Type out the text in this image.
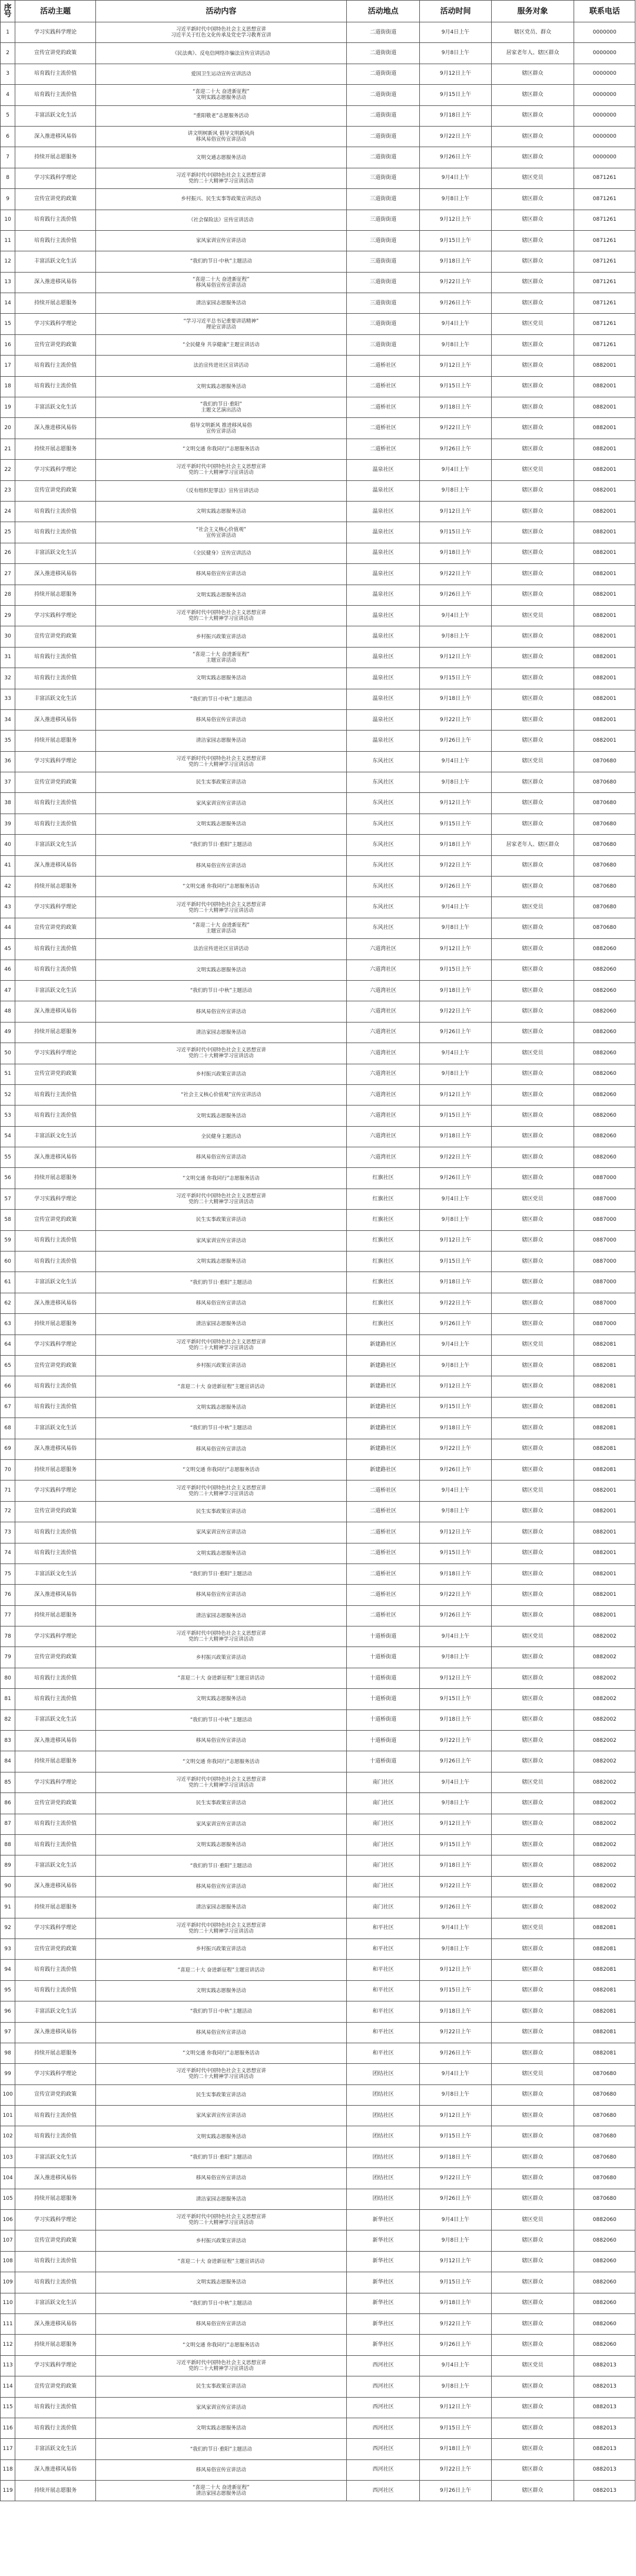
序号	活动主题	活动内容	活动地点	活动时间	服务对象	联系电话
1	学习实践科学理论	习近平新时代中国特色社会主义思想宣讲
习近平关于红色文化传承及党史学习教育宣讲	二道街街道	9月4日上午	辖区党员、群众	0000000
2	宣传宣讲党的政策	《民法典》、反电信网络诈骗法宣传宣讲活动	二道街街道	9月8日上午	居家老年人、辖区群众	0000000
3	培育践行主流价值	爱国卫生运动宣传宣讲活动	二道街街道	9月12日上午	辖区群众	0000000
4	培育践行主流价值	“喜迎二十大 奋进新征程”
文明实践志愿服务活动	二道街街道	9月15日上午	辖区群众	0000000
5	丰富活跃文化生活	“重阳敬老”志愿服务活动	二道街街道	9月18日上午	辖区群众	0000000
6	深入推进移风易俗	讲文明树新风 倡导文明新风尚
移风易俗宣传宣讲活动	二道街街道	9月22日上午	辖区群众	0000000
7	持续开展志愿服务	文明交通志愿服务活动	二道街街道	9月26日上午	辖区群众	0000000
8	学习实践科学理论	习近平新时代中国特色社会主义思想宣讲
党的二十大精神学习宣讲活动	三道街街道	9月4日上午	辖区党员	0871261
9	宣传宣讲党的政策	乡村振兴、民生实事等政策宣讲活动	三道街街道	9月8日上午	辖区群众	0871261
10	培育践行主流价值	《社会保险法》宣传宣讲活动	三道街街道	9月12日上午	辖区群众	0871261
11	培育践行主流价值	家风家训宣传宣讲活动	三道街街道	9月15日上午	辖区群众	0871261
12	丰富活跃文化生活	“我们的节日·中秋”主题活动	三道街街道	9月18日上午	辖区群众	0871261
13	深入推进移风易俗	“喜迎二十大 奋进新征程”
移风易俗宣传宣讲活动	三道街街道	9月22日上午	辖区群众	0871261
14	持续开展志愿服务	清洁家园志愿服务活动	三道街街道	9月26日上午	辖区群众	0871261
15	学习实践科学理论	“学习习近平总书记重要讲话精神”
理论宣讲活动	三道街街道	9月4日上午	辖区党员	0871261
16	宣传宣讲党的政策	“全民健身 共享健康”主题宣讲活动	三道街街道	9月8日上午	辖区群众	0871261
17	培育践行主流价值	法治宣传进社区宣讲活动	二道桥社区	9月12日上午	辖区群众	0882001
18	培育践行主流价值	文明实践志愿服务活动	二道桥社区	9月15日上午	辖区群众	0882001
19	丰富活跃文化生活	“我们的节日·重阳”
主题文艺演出活动	二道桥社区	9月18日上午	辖区群众	0882001
20	深入推进移风易俗	倡导文明新风 推进移风易俗
宣传宣讲活动	二道桥社区	9月22日上午	辖区群众	0882001
21	持续开展志愿服务	“文明交通 你我同行”志愿服务活动	二道桥社区	9月26日上午	辖区群众	0882001
22	学习实践科学理论	习近平新时代中国特色社会主义思想宣讲
党的二十大精神学习宣讲活动	温泉社区	9月4日上午	辖区党员	0882001
23	宣传宣讲党的政策	《反有组织犯罪法》宣传宣讲活动	温泉社区	9月8日上午	辖区群众	0882001
24	培育践行主流价值	文明实践志愿服务活动	温泉社区	9月12日上午	辖区群众	0882001
25	培育践行主流价值	“社会主义核心价值观”
宣传宣讲活动	温泉社区	9月15日上午	辖区群众	0882001
26	丰富活跃文化生活	《全民健身》宣传宣讲活动	温泉社区	9月18日上午	辖区群众	0882001
27	深入推进移风易俗	移风易俗宣传宣讲活动	温泉社区	9月22日上午	辖区群众	0882001
28	持续开展志愿服务	文明实践志愿服务活动	温泉社区	9月26日上午	辖区群众	0882001
29	学习实践科学理论	习近平新时代中国特色社会主义思想宣讲
党的二十大精神学习宣讲活动	温泉社区	9月4日上午	辖区党员	0882001
30	宣传宣讲党的政策	乡村振兴政策宣讲活动	温泉社区	9月8日上午	辖区群众	0882001
31	培育践行主流价值	“喜迎二十大 奋进新征程”
主题宣讲活动	温泉社区	9月12日上午	辖区群众	0882001
32	培育践行主流价值	文明实践志愿服务活动	温泉社区	9月15日上午	辖区群众	0882001
33	丰富活跃文化生活	“我们的节日·中秋”主题活动	温泉社区	9月18日上午	辖区群众	0882001
34	深入推进移风易俗	移风易俗宣传宣讲活动	温泉社区	9月22日上午	辖区群众	0882001
35	持续开展志愿服务	清洁家园志愿服务活动	温泉社区	9月26日上午	辖区群众	0882001
36	学习实践科学理论	习近平新时代中国特色社会主义思想宣讲
党的二十大精神学习宣讲活动	东风社区	9月4日上午	辖区党员	0870680
37	宣传宣讲党的政策	民生实事政策宣讲活动	东风社区	9月8日上午	辖区群众	0870680
38	培育践行主流价值	家风家训宣传宣讲活动	东风社区	9月12日上午	辖区群众	0870680
39	培育践行主流价值	文明实践志愿服务活动	东风社区	9月15日上午	辖区群众	0870680
40	丰富活跃文化生活	“我们的节日·重阳”主题活动	东风社区	9月18日上午	居家老年人、辖区群众	0870680
41	深入推进移风易俗	移风易俗宣传宣讲活动	东风社区	9月22日上午	辖区群众	0870680
42	持续开展志愿服务	“文明交通 你我同行”志愿服务活动	东风社区	9月26日上午	辖区群众	0870680
43	学习实践科学理论	习近平新时代中国特色社会主义思想宣讲
党的二十大精神学习宣讲活动	东风社区	9月4日上午	辖区党员	0870680
44	宣传宣讲党的政策	“喜迎二十大 奋进新征程”
主题宣讲活动	东风社区	9月8日上午	辖区群众	0870680
45	培育践行主流价值	法治宣传进社区宣讲活动	六道湾社区	9月12日上午	辖区群众	0882060
46	培育践行主流价值	文明实践志愿服务活动	六道湾社区	9月15日上午	辖区群众	0882060
47	丰富活跃文化生活	“我们的节日·中秋”主题活动	六道湾社区	9月18日上午	辖区群众	0882060
48	深入推进移风易俗	移风易俗宣传宣讲活动	六道湾社区	9月22日上午	辖区群众	0882060
49	持续开展志愿服务	清洁家园志愿服务活动	六道湾社区	9月26日上午	辖区群众	0882060
50	学习实践科学理论	习近平新时代中国特色社会主义思想宣讲
党的二十大精神学习宣讲活动	六道湾社区	9月4日上午	辖区党员	0882060
51	宣传宣讲党的政策	乡村振兴政策宣讲活动	六道湾社区	9月8日上午	辖区群众	0882060
52	培育践行主流价值	“社会主义核心价值观”宣传宣讲活动	六道湾社区	9月12日上午	辖区群众	0882060
53	培育践行主流价值	文明实践志愿服务活动	六道湾社区	9月15日上午	辖区群众	0882060
54	丰富活跃文化生活	全民健身主题活动	六道湾社区	9月18日上午	辖区群众	0882060
55	深入推进移风易俗	移风易俗宣传宣讲活动	六道湾社区	9月22日上午	辖区群众	0882060
56	持续开展志愿服务	“文明交通 你我同行”志愿服务活动	红旗社区	9月26日上午	辖区群众	0887000
57	学习实践科学理论	习近平新时代中国特色社会主义思想宣讲
党的二十大精神学习宣讲活动	红旗社区	9月4日上午	辖区党员	0887000
58	宣传宣讲党的政策	民生实事政策宣讲活动	红旗社区	9月8日上午	辖区群众	0887000
59	培育践行主流价值	家风家训宣传宣讲活动	红旗社区	9月12日上午	辖区群众	0887000
60	培育践行主流价值	文明实践志愿服务活动	红旗社区	9月15日上午	辖区群众	0887000
61	丰富活跃文化生活	“我们的节日·重阳”主题活动	红旗社区	9月18日上午	辖区群众	0887000
62	深入推进移风易俗	移风易俗宣传宣讲活动	红旗社区	9月22日上午	辖区群众	0887000
63	持续开展志愿服务	清洁家园志愿服务活动	红旗社区	9月26日上午	辖区群众	0887000
64	学习实践科学理论	习近平新时代中国特色社会主义思想宣讲
党的二十大精神学习宣讲活动	新建路社区	9月4日上午	辖区党员	0882081
65	宣传宣讲党的政策	乡村振兴政策宣讲活动	新建路社区	9月8日上午	辖区群众	0882081
66	培育践行主流价值	“喜迎二十大 奋进新征程”主题宣讲活动	新建路社区	9月12日上午	辖区群众	0882081
67	培育践行主流价值	文明实践志愿服务活动	新建路社区	9月15日上午	辖区群众	0882081
68	丰富活跃文化生活	“我们的节日·中秋”主题活动	新建路社区	9月18日上午	辖区群众	0882081
69	深入推进移风易俗	移风易俗宣传宣讲活动	新建路社区	9月22日上午	辖区群众	0882081
70	持续开展志愿服务	“文明交通 你我同行”志愿服务活动	新建路社区	9月26日上午	辖区群众	0882081
71	学习实践科学理论	习近平新时代中国特色社会主义思想宣讲
党的二十大精神学习宣讲活动	二道桥社区	9月4日上午	辖区党员	0882001
72	宣传宣讲党的政策	民生实事政策宣讲活动	二道桥社区	9月8日上午	辖区群众	0882001
73	培育践行主流价值	家风家训宣传宣讲活动	二道桥社区	9月12日上午	辖区群众	0882001
74	培育践行主流价值	文明实践志愿服务活动	二道桥社区	9月15日上午	辖区群众	0882001
75	丰富活跃文化生活	“我们的节日·重阳”主题活动	二道桥社区	9月18日上午	辖区群众	0882001
76	深入推进移风易俗	移风易俗宣传宣讲活动	二道桥社区	9月22日上午	辖区群众	0882001
77	持续开展志愿服务	清洁家园志愿服务活动	二道桥社区	9月26日上午	辖区群众	0882001
78	学习实践科学理论	习近平新时代中国特色社会主义思想宣讲
党的二十大精神学习宣讲活动	十道桥街道	9月4日上午	辖区党员	0882002
79	宣传宣讲党的政策	乡村振兴政策宣讲活动	十道桥街道	9月8日上午	辖区群众	0882002
80	培育践行主流价值	“喜迎二十大 奋进新征程”主题宣讲活动	十道桥街道	9月12日上午	辖区群众	0882002
81	培育践行主流价值	文明实践志愿服务活动	十道桥街道	9月15日上午	辖区群众	0882002
82	丰富活跃文化生活	“我们的节日·中秋”主题活动	十道桥街道	9月18日上午	辖区群众	0882002
83	深入推进移风易俗	移风易俗宣传宣讲活动	十道桥街道	9月22日上午	辖区群众	0882002
84	持续开展志愿服务	“文明交通 你我同行”志愿服务活动	十道桥街道	9月26日上午	辖区群众	0882002
85	学习实践科学理论	习近平新时代中国特色社会主义思想宣讲
党的二十大精神学习宣讲活动	南门社区	9月4日上午	辖区党员	0882002
86	宣传宣讲党的政策	民生实事政策宣讲活动	南门社区	9月8日上午	辖区群众	0882002
87	培育践行主流价值	家风家训宣传宣讲活动	南门社区	9月12日上午	辖区群众	0882002
88	培育践行主流价值	文明实践志愿服务活动	南门社区	9月15日上午	辖区群众	0882002
89	丰富活跃文化生活	“我们的节日·重阳”主题活动	南门社区	9月18日上午	辖区群众	0882002
90	深入推进移风易俗	移风易俗宣传宣讲活动	南门社区	9月22日上午	辖区群众	0882002
91	持续开展志愿服务	清洁家园志愿服务活动	南门社区	9月26日上午	辖区群众	0882002
92	学习实践科学理论	习近平新时代中国特色社会主义思想宣讲
党的二十大精神学习宣讲活动	和平社区	9月4日上午	辖区党员	0882081
93	宣传宣讲党的政策	乡村振兴政策宣讲活动	和平社区	9月8日上午	辖区群众	0882081
94	培育践行主流价值	“喜迎二十大 奋进新征程”主题宣讲活动	和平社区	9月12日上午	辖区群众	0882081
95	培育践行主流价值	文明实践志愿服务活动	和平社区	9月15日上午	辖区群众	0882081
96	丰富活跃文化生活	“我们的节日·中秋”主题活动	和平社区	9月18日上午	辖区群众	0882081
97	深入推进移风易俗	移风易俗宣传宣讲活动	和平社区	9月22日上午	辖区群众	0882081
98	持续开展志愿服务	“文明交通 你我同行”志愿服务活动	和平社区	9月26日上午	辖区群众	0882081
99	学习实践科学理论	习近平新时代中国特色社会主义思想宣讲
党的二十大精神学习宣讲活动	团结社区	9月4日上午	辖区党员	0870680
100	宣传宣讲党的政策	民生实事政策宣讲活动	团结社区	9月8日上午	辖区群众	0870680
101	培育践行主流价值	家风家训宣传宣讲活动	团结社区	9月12日上午	辖区群众	0870680
102	培育践行主流价值	文明实践志愿服务活动	团结社区	9月15日上午	辖区群众	0870680
103	丰富活跃文化生活	“我们的节日·重阳”主题活动	团结社区	9月18日上午	辖区群众	0870680
104	深入推进移风易俗	移风易俗宣传宣讲活动	团结社区	9月22日上午	辖区群众	0870680
105	持续开展志愿服务	清洁家园志愿服务活动	团结社区	9月26日上午	辖区群众	0870680
106	学习实践科学理论	习近平新时代中国特色社会主义思想宣讲
党的二十大精神学习宣讲活动	新华社区	9月4日上午	辖区党员	0882060
107	宣传宣讲党的政策	乡村振兴政策宣讲活动	新华社区	9月8日上午	辖区群众	0882060
108	培育践行主流价值	“喜迎二十大 奋进新征程”主题宣讲活动	新华社区	9月12日上午	辖区群众	0882060
109	培育践行主流价值	文明实践志愿服务活动	新华社区	9月15日上午	辖区群众	0882060
110	丰富活跃文化生活	“我们的节日·中秋”主题活动	新华社区	9月18日上午	辖区群众	0882060
111	深入推进移风易俗	移风易俗宣传宣讲活动	新华社区	9月22日上午	辖区群众	0882060
112	持续开展志愿服务	“文明交通 你我同行”志愿服务活动	新华社区	9月26日上午	辖区群众	0882060
113	学习实践科学理论	习近平新时代中国特色社会主义思想宣讲
党的二十大精神学习宣讲活动	西河社区	9月4日上午	辖区党员	0882013
114	宣传宣讲党的政策	民生实事政策宣讲活动	西河社区	9月8日上午	辖区群众	0882013
115	培育践行主流价值	家风家训宣传宣讲活动	西河社区	9月12日上午	辖区群众	0882013
116	培育践行主流价值	文明实践志愿服务活动	西河社区	9月15日上午	辖区群众	0882013
117	丰富活跃文化生活	“我们的节日·重阳”主题活动	西河社区	9月18日上午	辖区群众	0882013
118	深入推进移风易俗	移风易俗宣传宣讲活动	西河社区	9月22日上午	辖区群众	0882013
119	持续开展志愿服务	“喜迎二十大 奋进新征程”
清洁家园志愿服务活动	西河社区	9月26日上午	辖区群众	0882013
